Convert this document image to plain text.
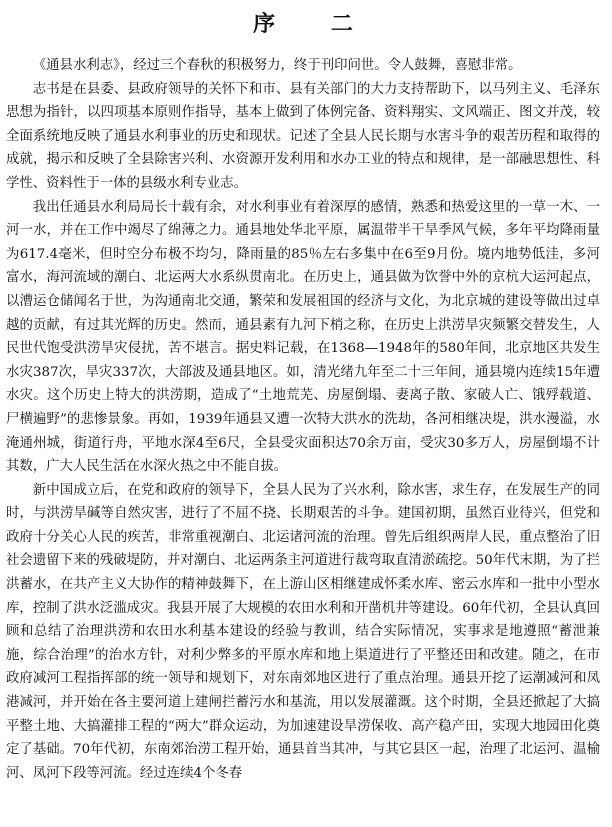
序 二

《通县水利志》，经过三个春秋的积极努力，终于刊印问世。令人鼓舞，喜慰非常。

志书是在县委、县政府领导的关怀下和市、县有关部门的大力支持帮助下，以马列主义、毛泽东思想为指针，以四项基本原则作指导，基本上做到了体例完备、资料翔实、文风端正、图文并茂，较全面系统地反映了通县水利事业的历史和现状。记述了全县人民长期与水害斗争的艰苦历程和取得的成就，揭示和反映了全县除害兴利、水资源开发利用和水办工业的特点和规律，是一部融思想性、科学性、资料性于一体的县级水利专业志。

我出任通县水利局局长十载有余，对水利事业有着深厚的感情，熟悉和热爱这里的一草一木、一河一水，并在工作中竭尽了绵薄之力。通县地处华北平原，属温带半干旱季风气候，多年平均降雨量为617.4毫米，但时空分布极不均匀，降雨量的85％左右多集中在6至9月份。境内地势低洼，多河富水，海河流域的潮白、北运两大水系纵贯南北。在历史上，通县做为饮誉中外的京杭大运河起点，以漕运仓储闻名于世，为沟通南北交通，繁荣和发展祖国的经济与文化，为北京城的建设等做出过卓越的贡献，有过其光辉的历史。然而，通县素有九河下梢之称，在历史上洪涝旱灾频繁交替发生，人民世代饱受洪涝旱灾侵扰，苦不堪言。据史料记载，在1368—1948年的580年间，北京地区共发生水灾387次，旱灾337次，大部波及通县地区。如，清光绪九年至二十三年间，通县境内连续15年遭水灾。这个历史上特大的洪涝期，造成了“土地荒芜、房屋倒塌、妻离子散、家破人亡、饿殍载道、尸横遍野”的悲惨景象。再如，1939年通县又遭一次特大洪水的洗劫，各河相继决堤，洪水漫溢，水淹通州城，街道行舟，平地水深4至6尺，全县受灾面积达70余万亩，受灾30多万人，房屋倒塌不计其数，广大人民生活在水深火热之中不能自拔。

新中国成立后，在党和政府的领导下，全县人民为了兴水利，除水害，求生存，在发展生产的同时，与洪涝旱碱等自然灾害，进行了不屈不挠、长期艰苦的斗争。建国初期，虽然百业待兴，但党和政府十分关心人民的疾苦，非常重视潮白、北运诸河流的治理。曾先后组织两岸人民，重点整治了旧社会遗留下来的残破堤防，并对潮白、北运两条主河道进行裁弯取直清淤疏挖。50年代末期，为了拦洪蓄水，在共产主义大协作的精神鼓舞下，在上游山区相继建成怀柔水库、密云水库和一批中小型水库，控制了洪水泛滥成灾。我县开展了大规模的农田水利和开凿机井等建设。60年代初，全县认真回顾和总结了治理洪涝和农田水利基本建设的经验与教训，结合实际情况，实事求是地遵照“蓄泄兼施，综合治理”的治水方针，对利少弊多的平原水库和地上渠道进行了平整还田和改建。随之，在市政府减河工程指挥部的统一领导和规划下，对东南郊地区进行了重点治理。通县开挖了运潮减河和凤港减河，并开始在各主要河道上建闸拦蓄污水和基流，用以发展灌溉。这个时期，全县还掀起了大搞平整土地、大搞灌排工程的“两大”群众运动，为加速建设旱涝保收、高产稳产田，实现大地园田化奠定了基础。70年代初，东南郊治涝工程开始，通县首当其冲，与其它县区一起，治理了北运河、温榆河、凤河下段等河流。经过连续4个冬春
